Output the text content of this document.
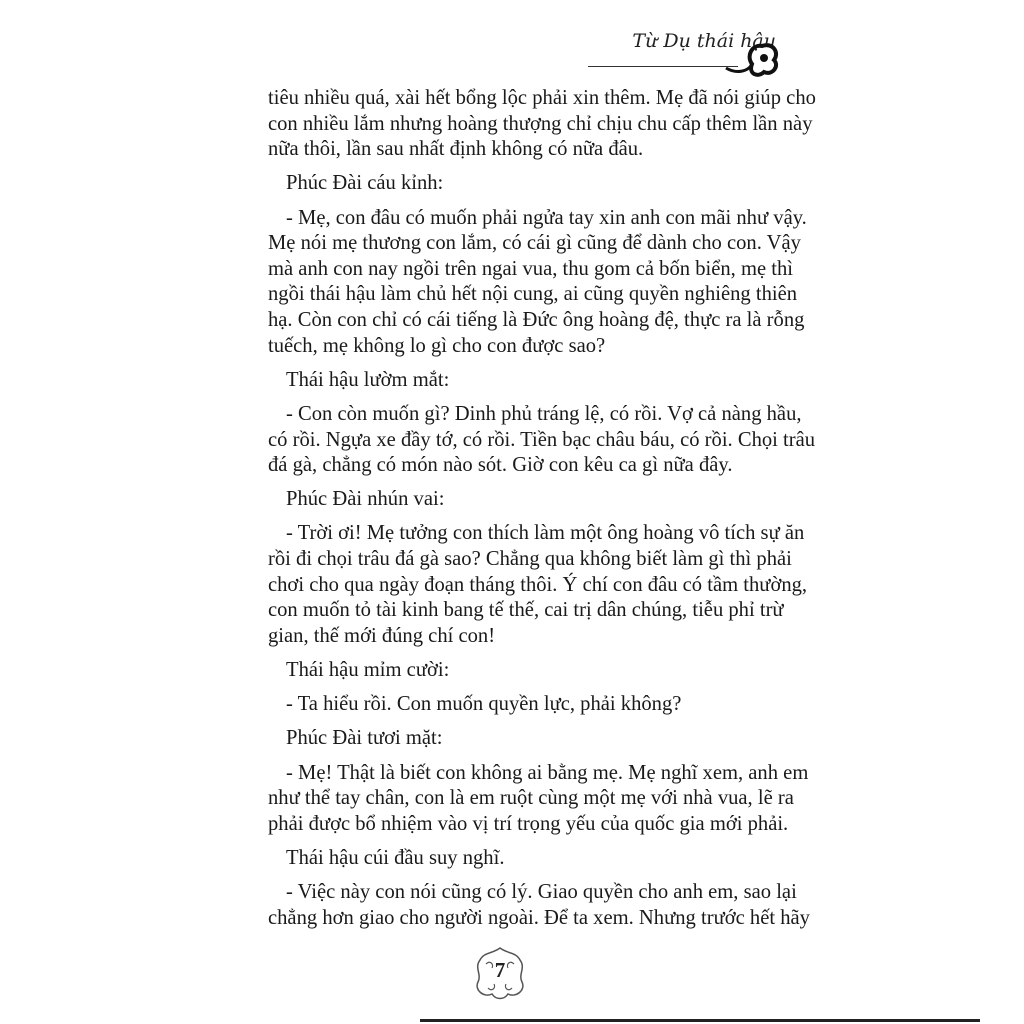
Từ Dụ thái hậu
tiêu nhiều quá, xài hết bổng lộc phải xin thêm. Mẹ đã nói giúp cho
con nhiều lắm nhưng hoàng thượng chỉ chịu chu cấp thêm lần này
nữa thôi, lần sau nhất định không có nữa đâu.
Phúc Đài cáu kỉnh:
- Mẹ, con đâu có muốn phải ngửa tay xin anh con mãi như vậy.
Mẹ nói mẹ thương con lắm, có cái gì cũng để dành cho con. Vậy
mà anh con nay ngồi trên ngai vua, thu gom cả bốn biển, mẹ thì
ngồi thái hậu làm chủ hết nội cung, ai cũng quyền nghiêng thiên
hạ. Còn con chỉ có cái tiếng là Đức ông hoàng đệ, thực ra là rỗng
tuếch, mẹ không lo gì cho con được sao?
Thái hậu lườm mắt:
- Con còn muốn gì? Dinh phủ tráng lệ, có rồi. Vợ cả nàng hầu,
có rồi. Ngựa xe đầy tớ, có rồi. Tiền bạc châu báu, có rồi. Chọi trâu
đá gà, chẳng có món nào sót. Giờ con kêu ca gì nữa đây.
Phúc Đài nhún vai:
- Trời ơi! Mẹ tưởng con thích làm một ông hoàng vô tích sự ăn
rồi đi chọi trâu đá gà sao? Chẳng qua không biết làm gì thì phải
chơi cho qua ngày đoạn tháng thôi. Ý chí con đâu có tầm thường,
con muốn tỏ tài kinh bang tế thế, cai trị dân chúng, tiễu phỉ trừ
gian, thế mới đúng chí con!
Thái hậu mỉm cười:
- Ta hiểu rồi. Con muốn quyền lực, phải không?
Phúc Đài tươi mặt:
- Mẹ! Thật là biết con không ai bằng mẹ. Mẹ nghĩ xem, anh em
như thể tay chân, con là em ruột cùng một mẹ với nhà vua, lẽ ra
phải được bổ nhiệm vào vị trí trọng yếu của quốc gia mới phải.
Thái hậu cúi đầu suy nghĩ.
- Việc này con nói cũng có lý. Giao quyền cho anh em, sao lại
chẳng hơn giao cho người ngoài. Để ta xem. Nhưng trước hết hãy
7
